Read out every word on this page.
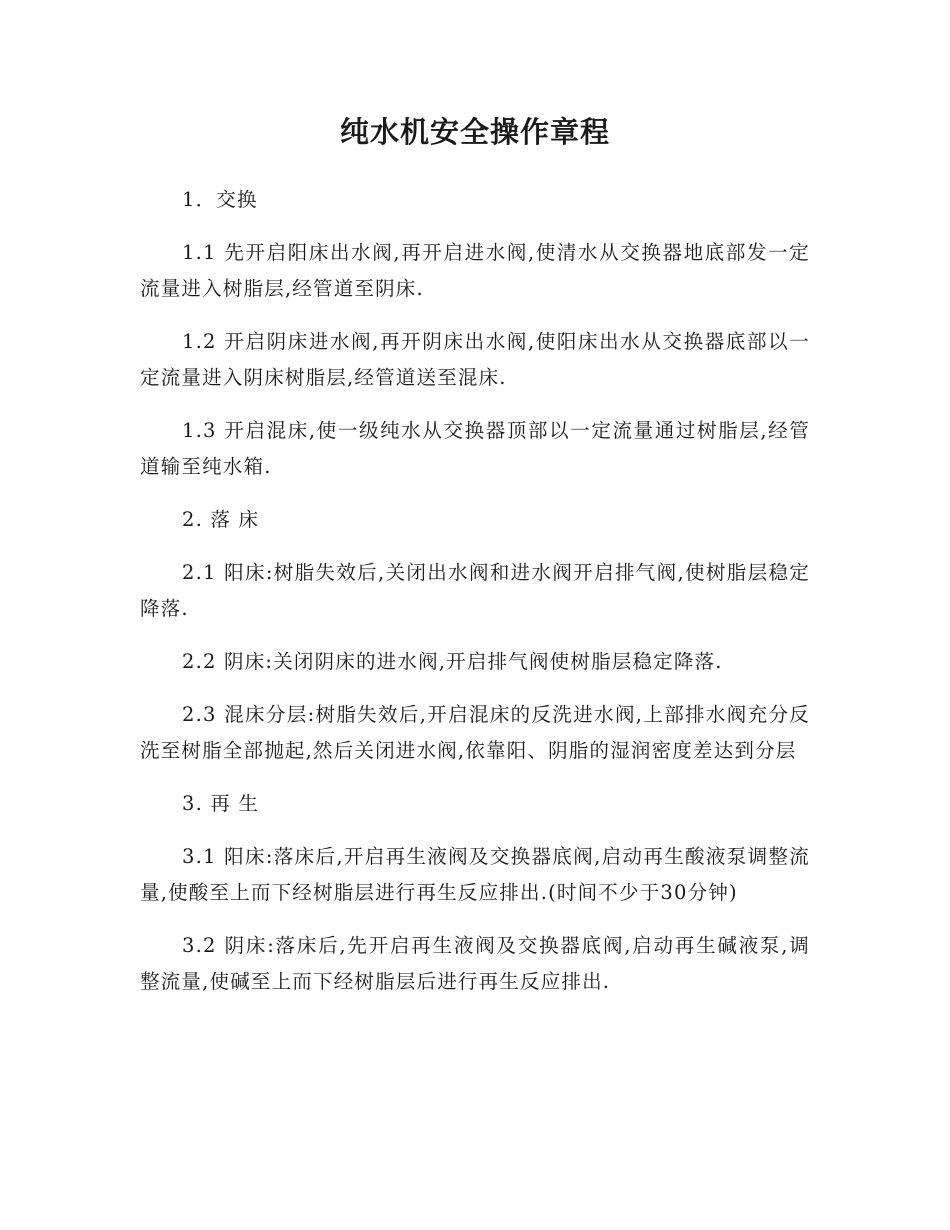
纯水机安全操作章程

1．交换

1.1 先开启阳床出水阀,再开启进水阀,使清水从交换器地底部发一定流量进入树脂层,经管道至阴床.

1.2 开启阴床进水阀,再开阴床出水阀,使阳床出水从交换器底部以一定流量进入阴床树脂层,经管道送至混床.

1.3 开启混床,使一级纯水从交换器顶部以一定流量通过树脂层,经管道输至纯水箱.

2. 落 床

2.1 阳床:树脂失效后,关闭出水阀和进水阀开启排气阀,使树脂层稳定降落.

2.2 阴床:关闭阴床的进水阀,开启排气阀使树脂层稳定降落.

2.3 混床分层:树脂失效后,开启混床的反洗进水阀,上部排水阀充分反洗至树脂全部抛起,然后关闭进水阀,依靠阳、阴脂的湿润密度差达到分层

3. 再 生

3.1 阳床:落床后,开启再生液阀及交换器底阀,启动再生酸液泵调整流量,使酸至上而下经树脂层进行再生反应排出.(时间不少于30分钟)

3.2 阴床:落床后,先开启再生液阀及交换器底阀,启动再生碱液泵,调整流量,使碱至上而下经树脂层后进行再生反应排出.
